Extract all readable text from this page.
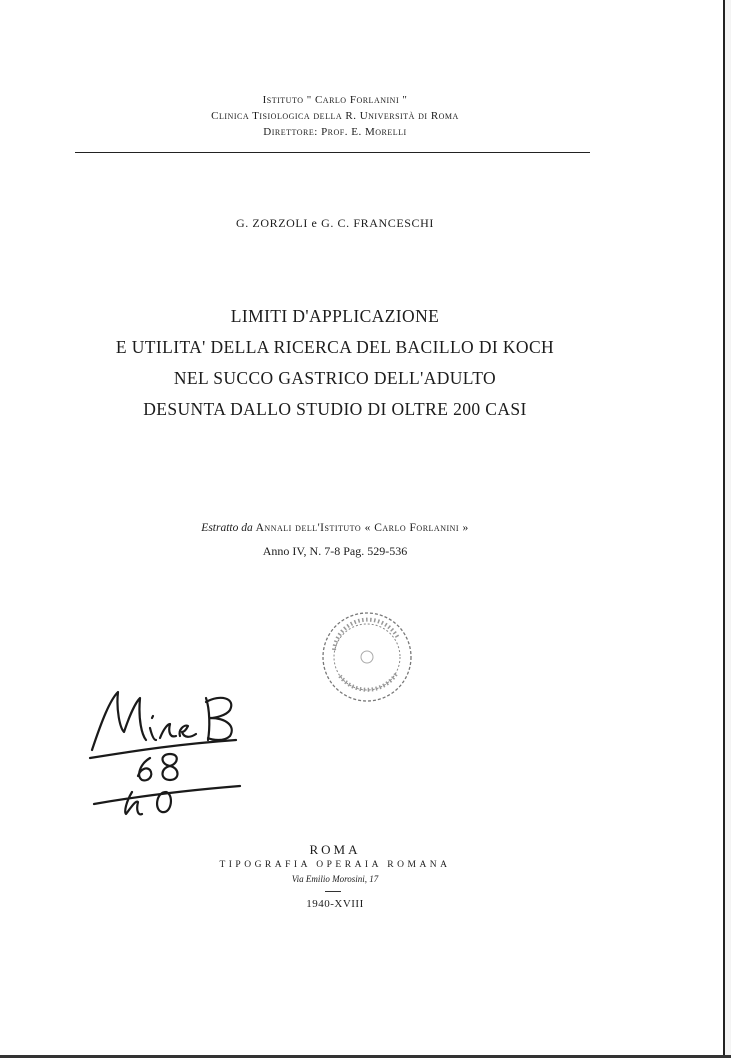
Istituto " Carlo Forlanini "
Clinica Tisiologica della R. Università di Roma
Direttore: Prof. E. Morelli
G. ZORZOLI e G. C. FRANCESCHI
LIMITI D'APPLICAZIONE
E UTILITA' DELLA RICERCA DEL BACILLO DI KOCH
NEL SUCCO GASTRICO DELL'ADULTO
DESUNTA DALLO STUDIO DI OLTRE 200 CASI
Estratto da Annali dell'Istituto « Carlo Forlanini »
Anno IV, N. 7-8 Pag. 529-536
ROMA
TIPOGRAFIA OPERAIA ROMANA
Via Emilio Morosini, 17
1940-XVIII
